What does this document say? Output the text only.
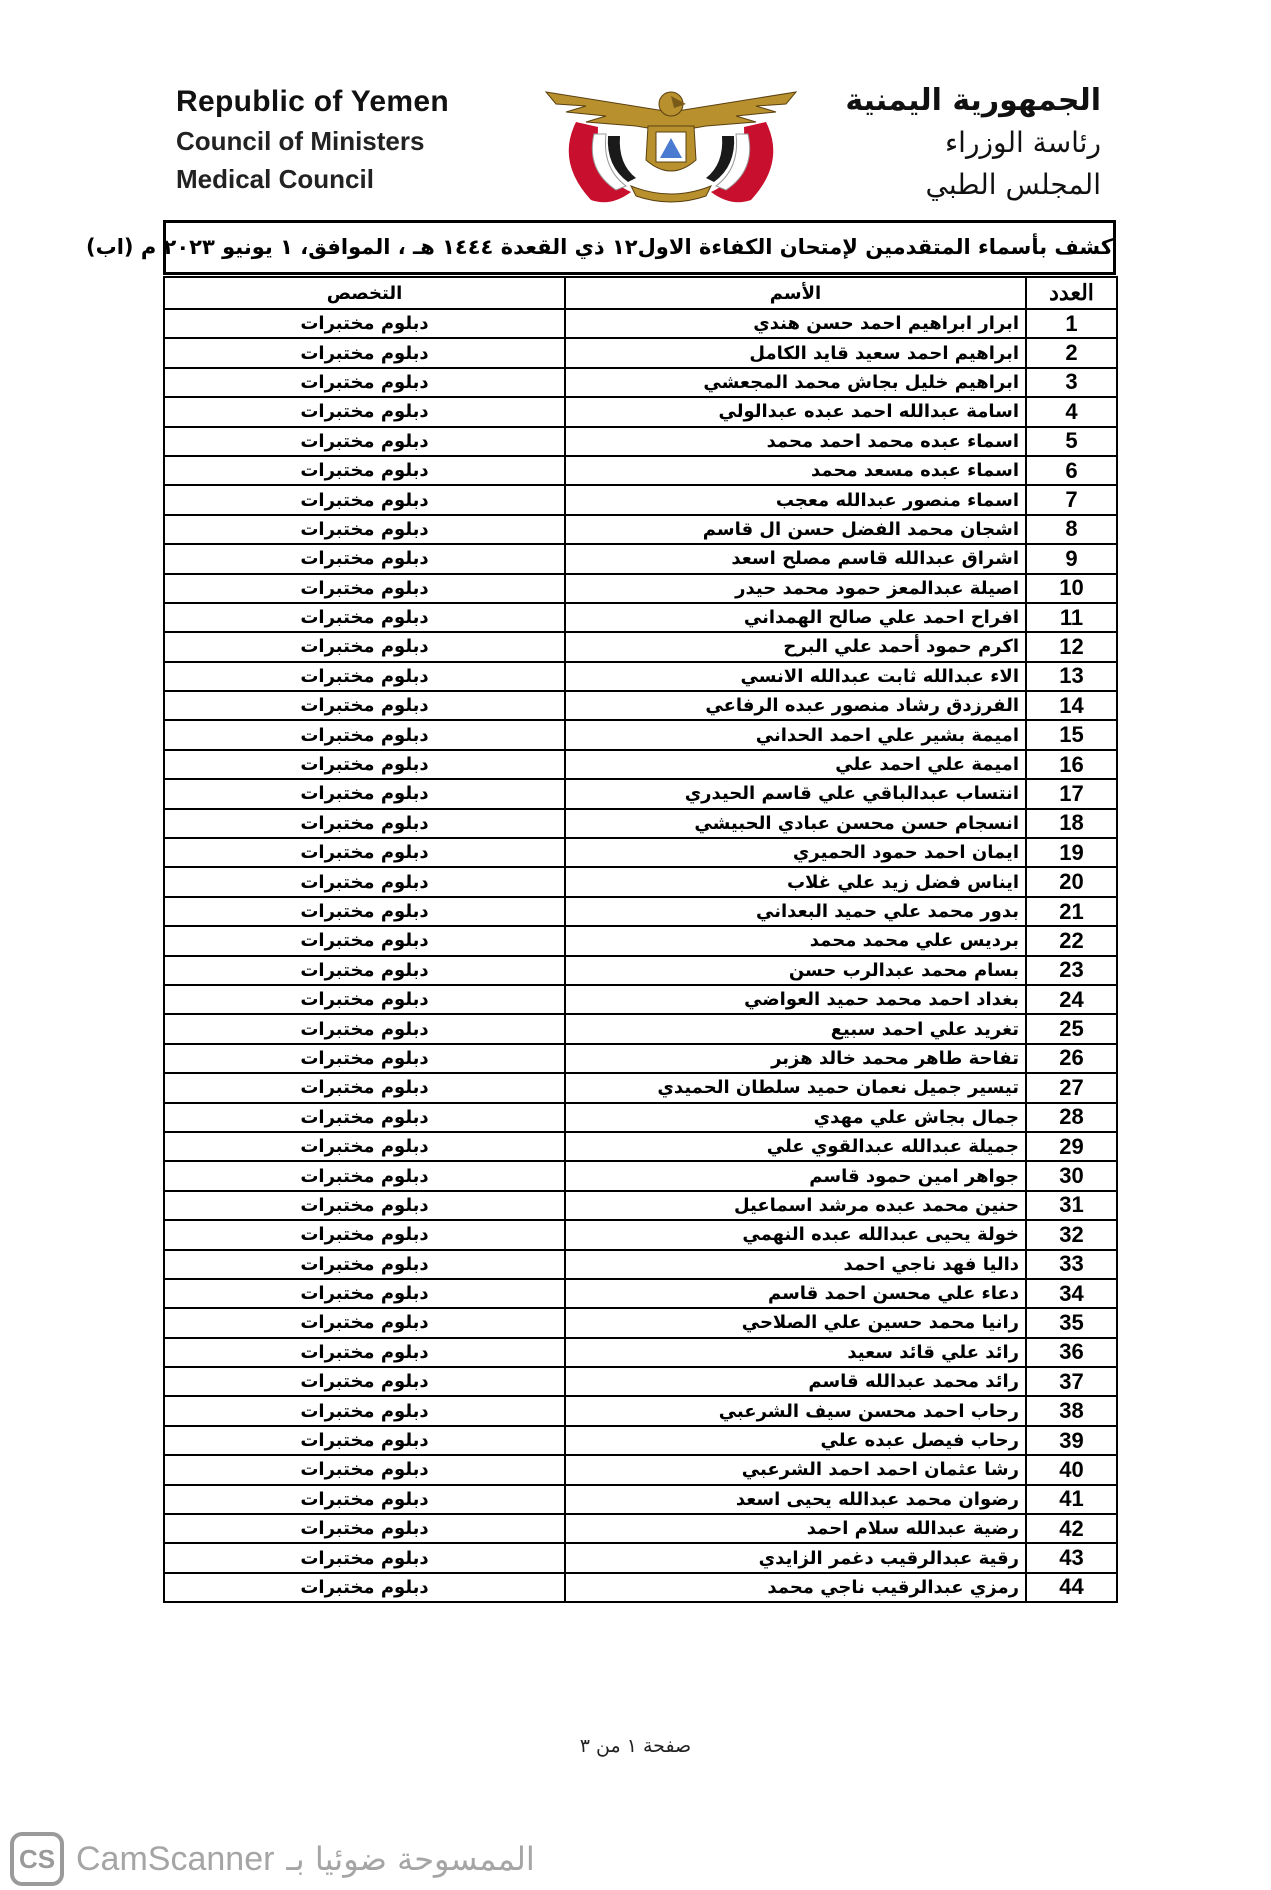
Republic of Yemen
Council of Ministers
Medical Council
الجمهورية اليمنية
رئاسة الوزراء
المجلس الطبي
كشف بأسماء المتقدمين لإمتحان الكفاءة الاول١٢ ذي القعدة ١٤٤٤ هـ ، الموافق، ١ يونيو ٢٠٢٣ م (اب)
العدد	الأسم	التخصص
1	ابرار ابراهيم احمد حسن هندي	دبلوم مختبرات
2	ابراهيم احمد سعيد قايد الكامل	دبلوم مختبرات
3	ابراهيم خليل بجاش محمد المجعشي	دبلوم مختبرات
4	اسامة عبدالله احمد عبده عبدالولي	دبلوم مختبرات
5	اسماء عبده محمد احمد محمد	دبلوم مختبرات
6	اسماء عبده مسعد محمد	دبلوم مختبرات
7	اسماء منصور عبدالله معجب	دبلوم مختبرات
8	اشجان محمد الفضل حسن ال قاسم	دبلوم مختبرات
9	اشراق عبدالله قاسم مصلح اسعد	دبلوم مختبرات
10	اصيلة عبدالمعز حمود محمد حيدر	دبلوم مختبرات
11	افراح احمد علي صالح الهمداني	دبلوم مختبرات
12	اكرم حمود أحمد علي البرح	دبلوم مختبرات
13	الاء عبدالله ثابت عبدالله الانسي	دبلوم مختبرات
14	الفرزدق رشاد منصور عبده الرفاعي	دبلوم مختبرات
15	اميمة بشير علي احمد الحداني	دبلوم مختبرات
16	اميمة علي احمد علي	دبلوم مختبرات
17	انتساب عبدالباقي علي قاسم الحيدري	دبلوم مختبرات
18	انسجام حسن محسن عبادي الحبيشي	دبلوم مختبرات
19	ايمان احمد حمود الحميري	دبلوم مختبرات
20	ايناس فضل زيد علي غلاب	دبلوم مختبرات
21	بدور محمد علي حميد البعداني	دبلوم مختبرات
22	برديس علي محمد محمد	دبلوم مختبرات
23	بسام محمد عبدالرب حسن	دبلوم مختبرات
24	بغداد احمد محمد حميد العواضي	دبلوم مختبرات
25	تغريد علي احمد سبيع	دبلوم مختبرات
26	تفاحة طاهر محمد خالد هزبر	دبلوم مختبرات
27	تيسير جميل نعمان حميد سلطان الحميدي	دبلوم مختبرات
28	جمال بجاش علي مهدي	دبلوم مختبرات
29	جميلة عبدالله عبدالقوي علي	دبلوم مختبرات
30	جواهر امين حمود قاسم	دبلوم مختبرات
31	حنين محمد عبده مرشد اسماعيل	دبلوم مختبرات
32	خولة يحيى عبدالله عبده النهمي	دبلوم مختبرات
33	داليا فهد ناجي احمد	دبلوم مختبرات
34	دعاء علي محسن احمد قاسم	دبلوم مختبرات
35	رانيا محمد حسين علي الصلاحي	دبلوم مختبرات
36	رائد علي قائد سعيد	دبلوم مختبرات
37	رائد محمد عبدالله قاسم	دبلوم مختبرات
38	رحاب احمد محسن سيف الشرعبي	دبلوم مختبرات
39	رحاب فيصل عبده علي	دبلوم مختبرات
40	رشا عثمان احمد احمد الشرعبي	دبلوم مختبرات
41	رضوان محمد عبدالله يحيى اسعد	دبلوم مختبرات
42	رضية عبدالله سلام احمد	دبلوم مختبرات
43	رقية عبدالرقيب دغمر الزايدي	دبلوم مختبرات
44	رمزي عبدالرقيب ناجي محمد	دبلوم مختبرات
صفحة ١ من ٣
CS CamScanner الممسوحة ضوئيا بـ
